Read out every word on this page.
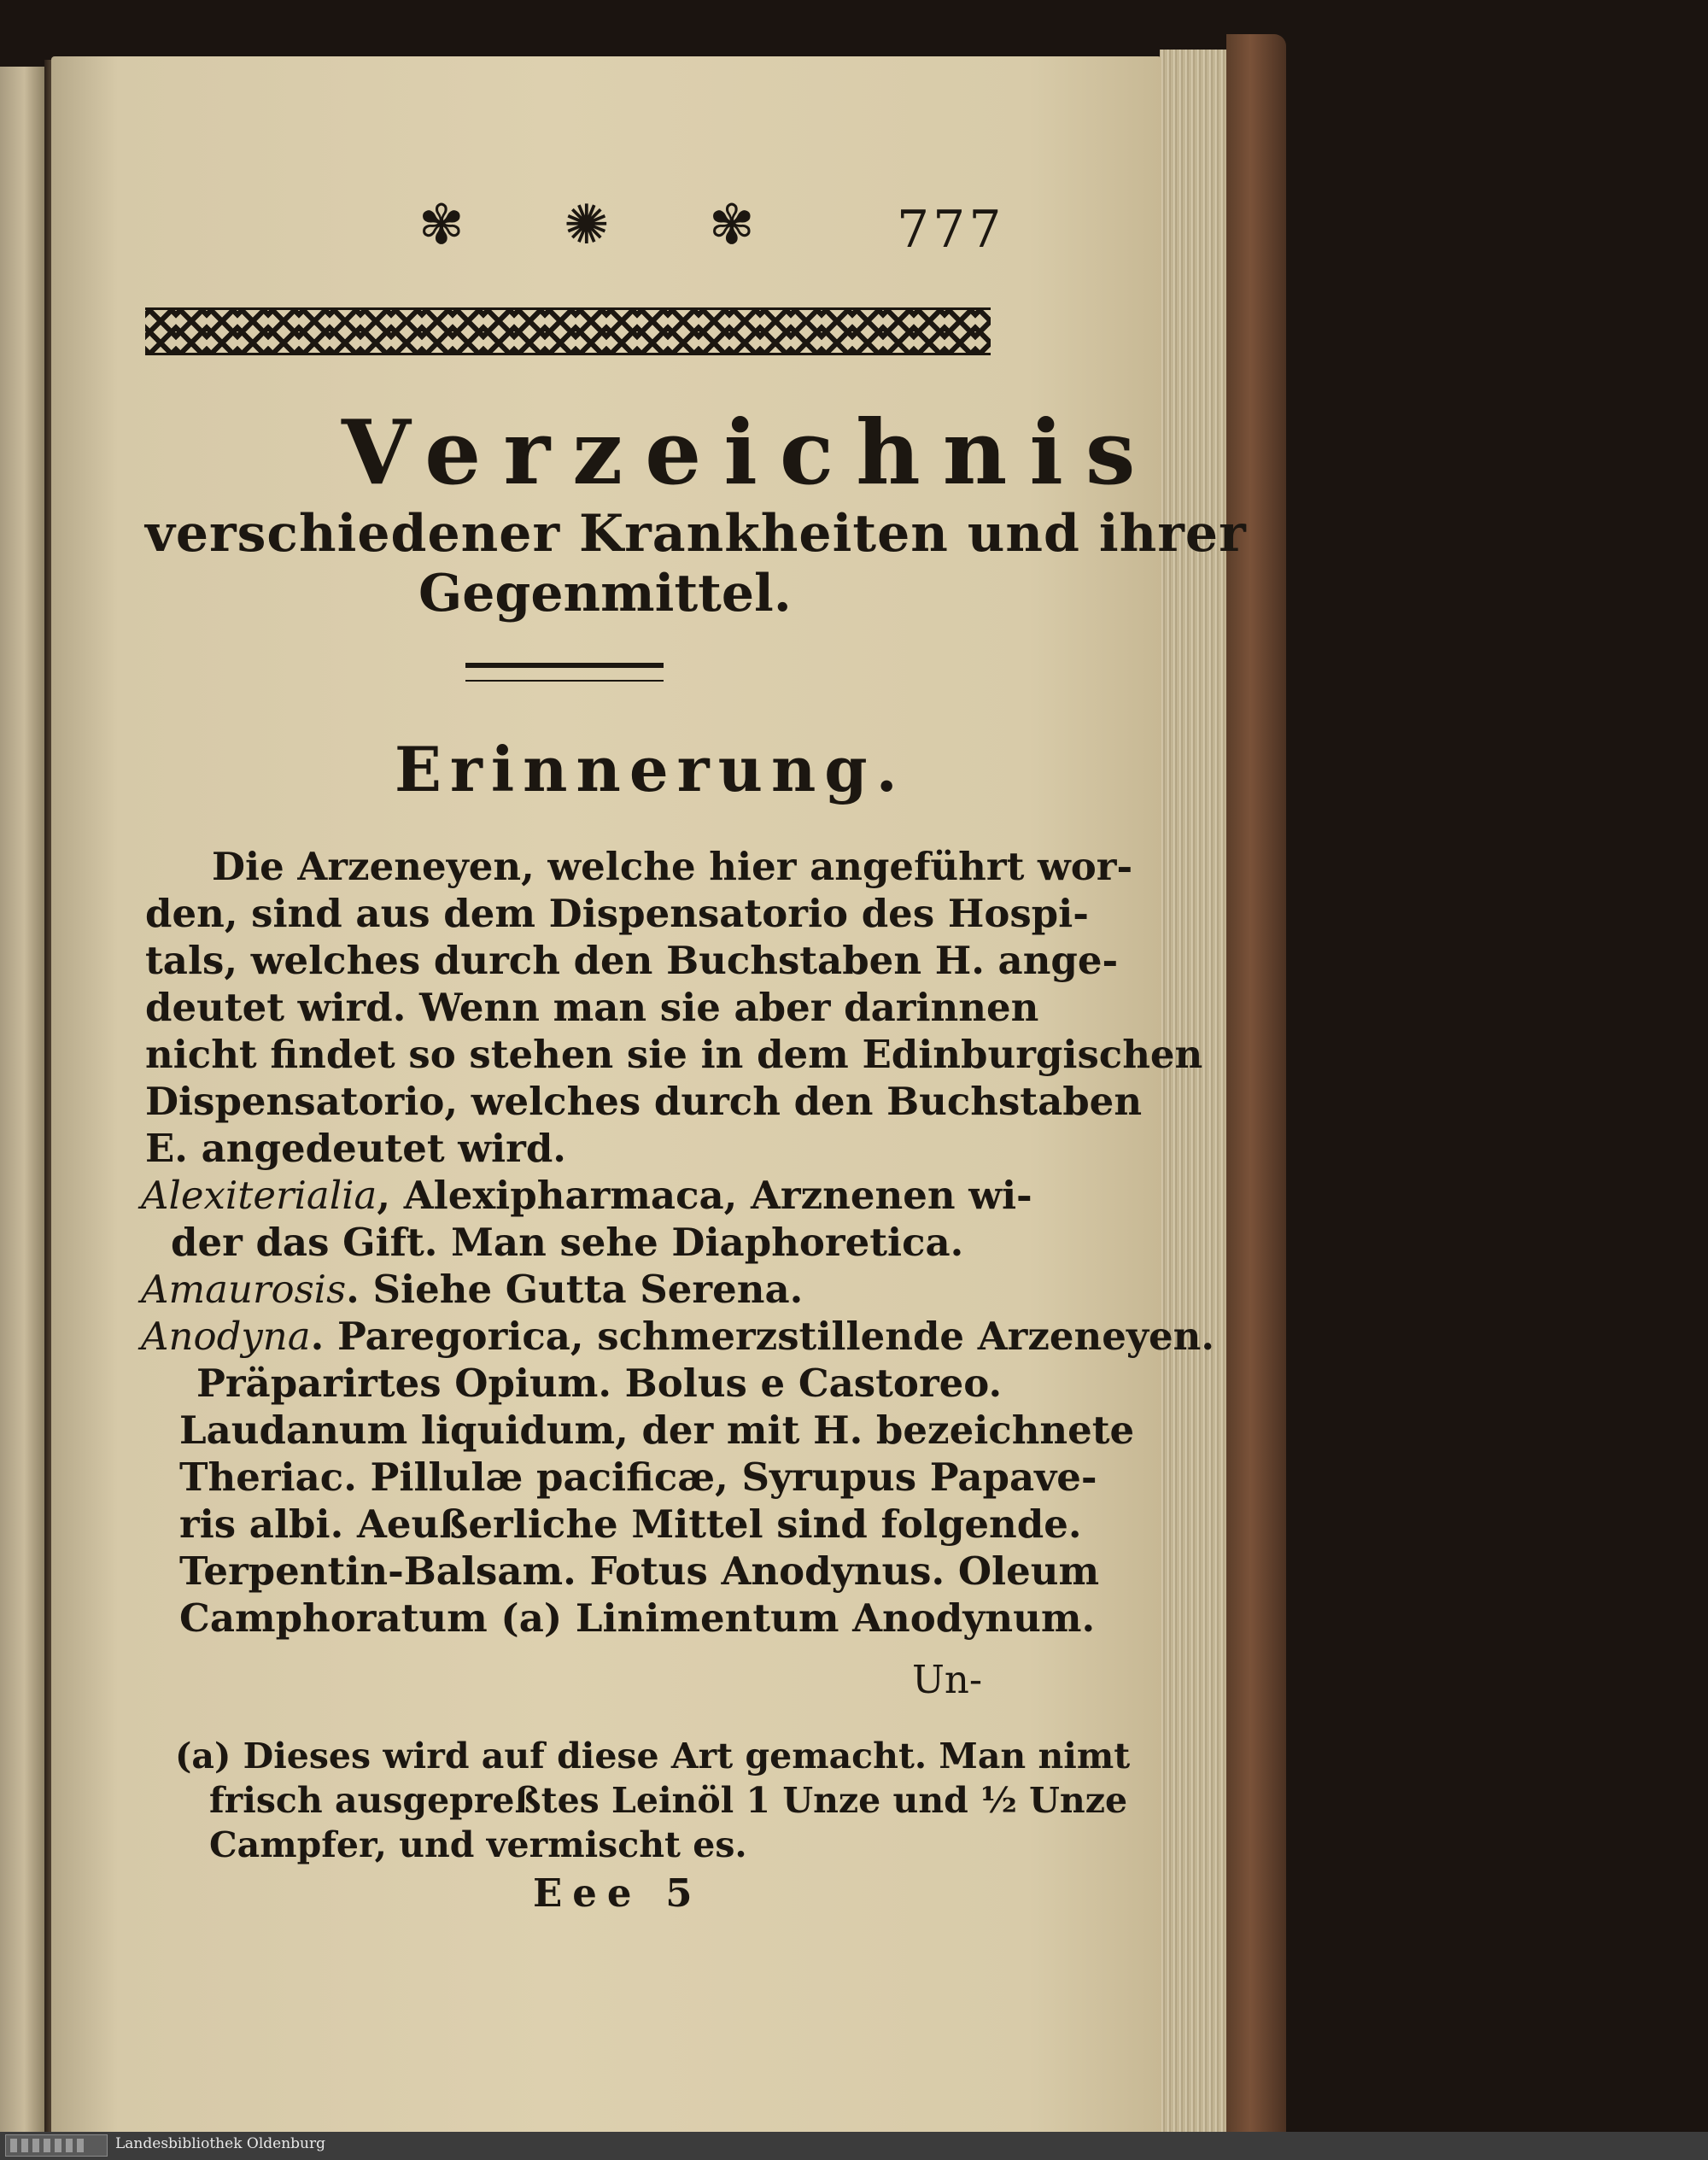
✾ ✺ ✾ 777
Verzeichnis
verschiedener Krankheiten und ihrer
Gegenmittel.
Erinnerung.
Die Arzeneyen, welche hier angeführt wor-
den, sind aus dem Dispensatorio des Hospi-
tals, welches durch den Buchstaben H. ange-
deutet wird. Wenn man sie aber darinnen
nicht findet so stehen sie in dem Edinburgischen
Dispensatorio, welches durch den Buchstaben
E. angedeutet wird.
Alexiterialia, Alexipharmaca, Arznenen wi-
der das Gift. Man sehe Diaphoretica.
Amaurosis. Siehe Gutta Serena.
Anodyna. Paregorica, schmerzstillende Arzeneyen.
Präparirtes Opium. Bolus e Castoreo.
Laudanum liquidum, der mit H. bezeichnete
Theriac. Pillulæ pacificæ, Syrupus Papave-
ris albi. Aeußerliche Mittel sind folgende.
Terpentin-Balsam. Fotus Anodynus. Oleum
Camphoratum (a) Linimentum Anodynum.
Un-
(a) Dieses wird auf diese Art gemacht. Man nimt
frisch ausgepreßtes Leinöl 1 Unze und ½ Unze
Campfer, und vermischt es.
Eee 5
Landesbibliothek Oldenburg
